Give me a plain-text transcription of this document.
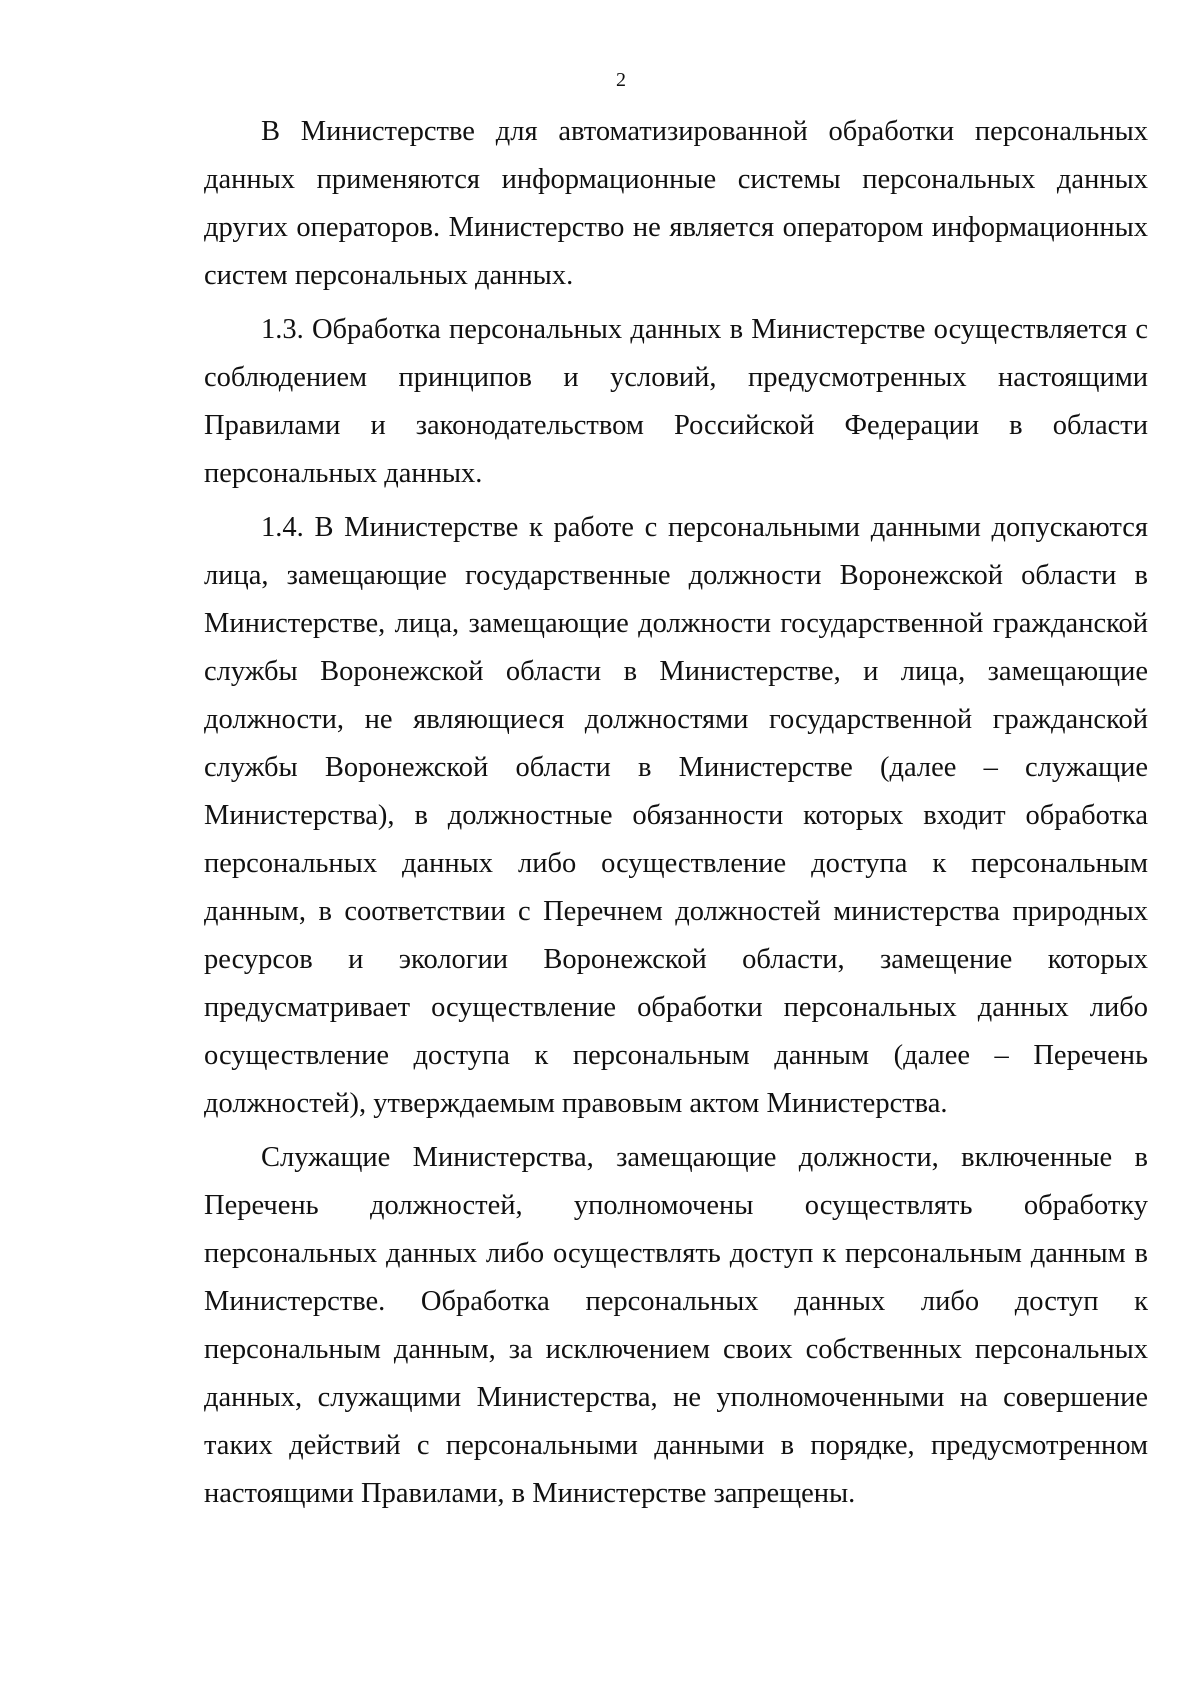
2

В Министерстве для автоматизированной обработки персональных данных применяются информационные системы персональных данных других операторов. Министерство не является оператором информационных систем персональных данных.

1.3. Обработка персональных данных в Министерстве осуществляется с соблюдением принципов и условий, предусмотренных настоящими Правилами и законодательством Российской Федерации в области персональных данных.

1.4. В Министерстве к работе с персональными данными допускаются лица, замещающие государственные должности Воронежской области в Министерстве, лица, замещающие должности государственной гражданской службы Воронежской области в Министерстве, и лица, замещающие должности, не являющиеся должностями государственной гражданской службы Воронежской области в Министерстве (далее – служащие Министерства), в должностные обязанности которых входит обработка персональных данных либо осуществление доступа к персональным данным, в соответствии с Перечнем должностей министерства природных ресурсов и экологии Воронежской области, замещение которых предусматривает осуществление обработки персональных данных либо осуществление доступа к персональным данным (далее – Перечень должностей), утверждаемым правовым актом Министерства.

Служащие Министерства, замещающие должности, включенные в Перечень должностей, уполномочены осуществлять обработку персональных данных либо осуществлять доступ к персональным данным в Министерстве. Обработка персональных данных либо доступ к персональным данным, за исключением своих собственных персональных данных, служащими Министерства, не уполномоченными на совершение таких действий с персональными данными в порядке, предусмотренном настоящими Правилами, в Министерстве запрещены.
